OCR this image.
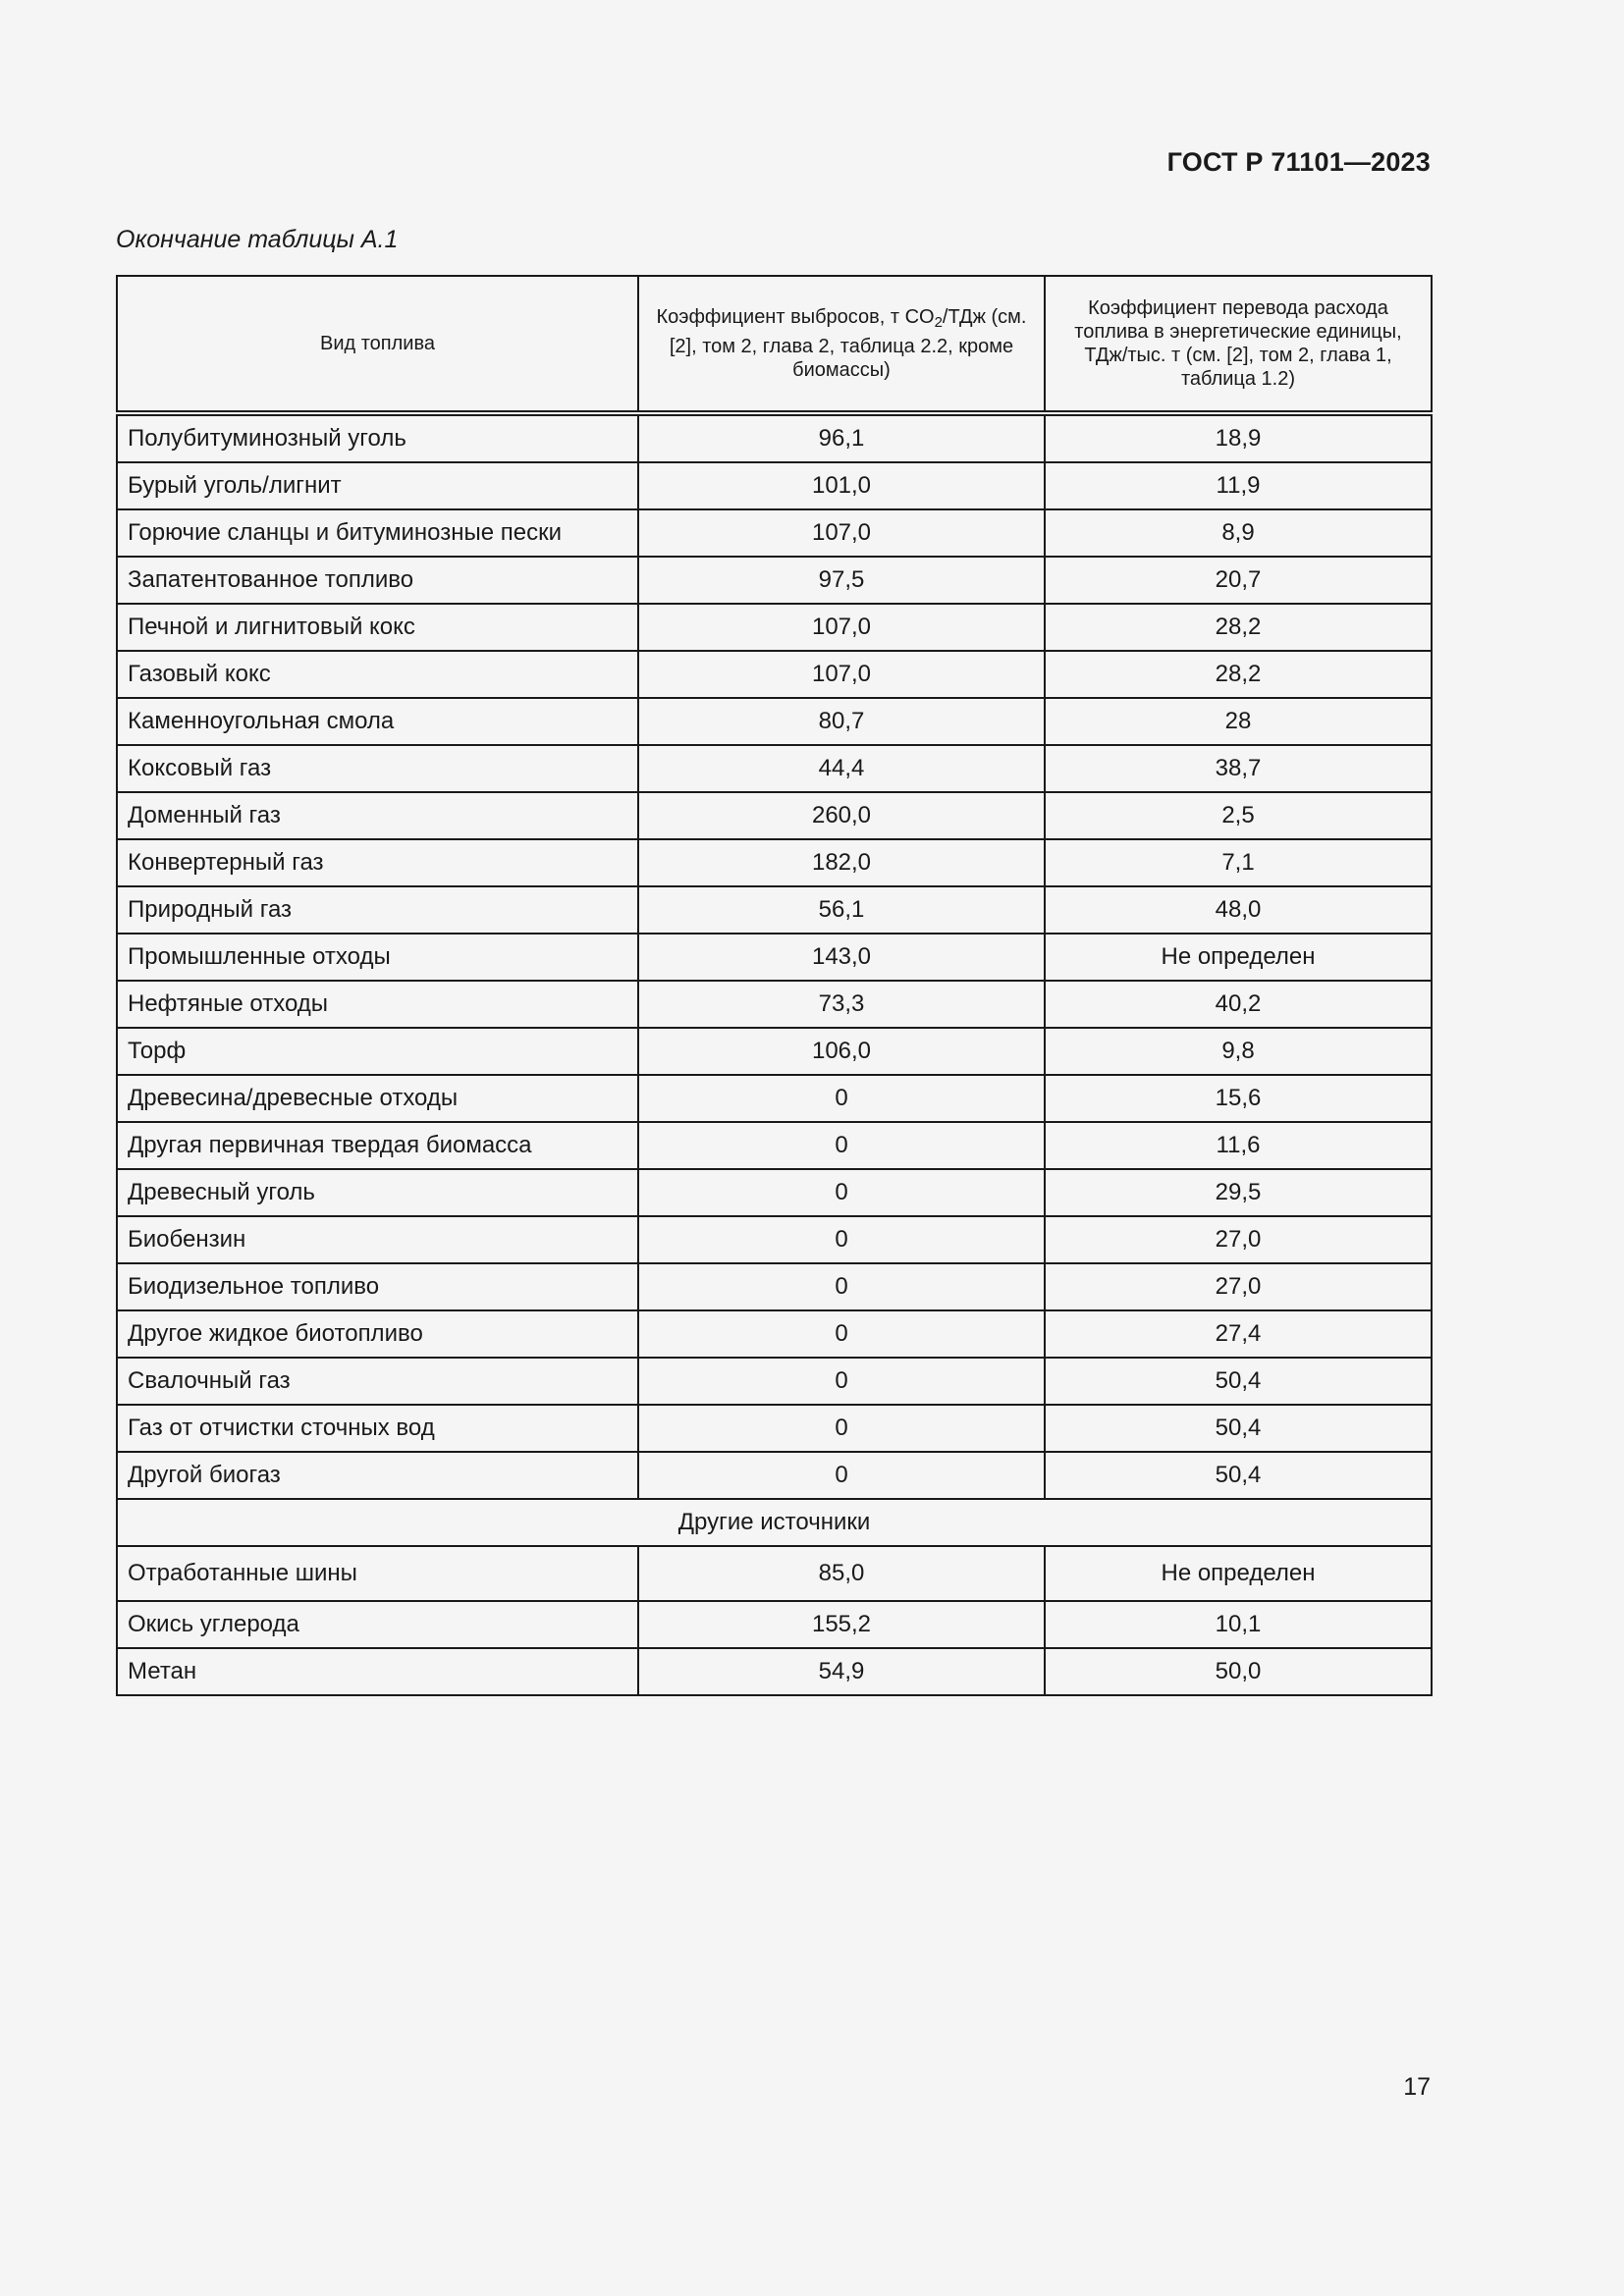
ГОСТ Р 71101—2023
Окончание таблицы А.1
Вид топлива	Коэффициент выбросов, т $CO_2$/ТДж (см. [2], том 2, глава 2, таблица 2.2, кроме биомассы)	Коэффициент перевода расхода топлива в энергетические единицы, ТДж/тыс. т (см. [2], том 2, глава 1, таблица 1.2)
Полубитуминозный уголь	96,1	18,9
Бурый уголь/лигнит	101,0	11,9
Горючие сланцы и битуминозные пески	107,0	8,9
Запатентованное топливо	97,5	20,7
Печной и лигнитовый кокс	107,0	28,2
Газовый кокс	107,0	28,2
Каменноугольная смола	80,7	28
Коксовый газ	44,4	38,7
Доменный газ	260,0	2,5
Конвертерный газ	182,0	7,1
Природный газ	56,1	48,0
Промышленные отходы	143,0	Не определен
Нефтяные отходы	73,3	40,2
Торф	106,0	9,8
Древесина/древесные отходы	0	15,6
Другая первичная твердая биомасса	0	11,6
Древесный уголь	0	29,5
Биобензин	0	27,0
Биодизельное топливо	0	27,0
Другое жидкое биотопливо	0	27,4
Свалочный газ	0	50,4
Газ от отчистки сточных вод	0	50,4
Другой биогаз	0	50,4
Другие источники		
Отработанные шины	85,0	Не определен
Окись углерода	155,2	10,1
Метан	54,9	50,0
17
